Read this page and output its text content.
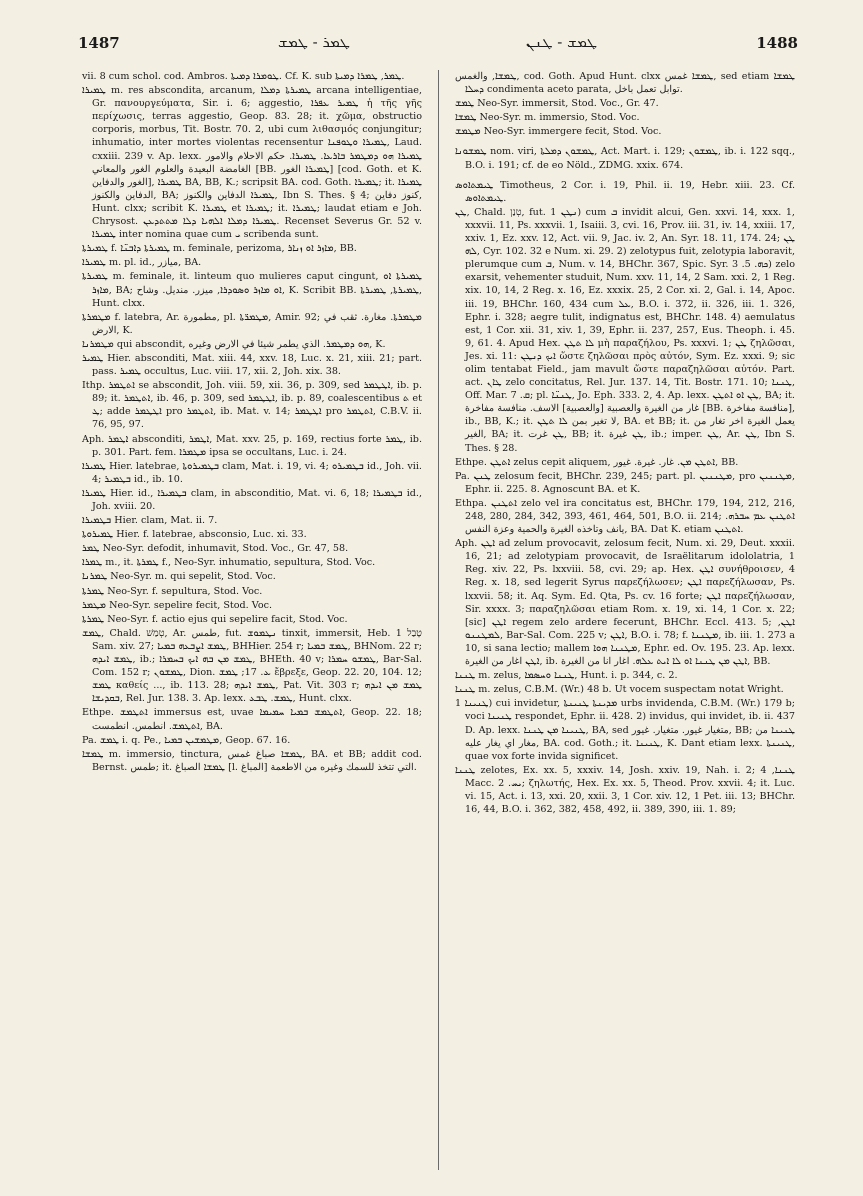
1487	ܛܡܪ - ܛܡܫ	ܛܡܫ - ܛܢܢ	1488

vii. 8 cum schol. cod. Ambros. ܛܘܡܪܐ ܕܡܝܬܐ. Cf. K. sub ܛܡܪ, ܛܡܪܐ ܕܡܝܬܐ.

ܛܡܝܪܐ m. res abscondita, arcanum, ܛܡܝܪܬܐ ܕܡܠܐ arcana intelligentiae, Gr. πανουργεύματα, Sir. i. 6; aggestio, ܛܡܝܪ ܥܦܪܐ ἡ τῆς γῆς περίχωσις, terras aggestio, Geop. 83. 28; it. χῶμα, obstructio corporis, morbus, Tit. Bostr. 70. 2, ubi cum λιθασμός conjungitur; inhumatio, inter mortes violentas recensentur ܛܡܝܪܐ ܘܛܘܦܢܐ, Laud. cxxiii. 239 v. Ap. lexx. ܛܡܝܪܐ ܗܘ ܕܡܛܡܪ ܒܐܪܥܐ. ܛܡܝܪܐ. حكم الاحلام والامور الغامضة البعيدة والعلوم الغور والمعاني [BB. ܛܡܝܪܐ الغور] [cod. Goth. et K. الغور والدفاين], ܛܡܝܪܐ BA, BB, K.; scripsit BA. cod. Goth. ܛܡܝܪܐ; it. ܛܡܝܪܐ الدفاين والكنوز, BA; ܛܡܝܪܐ الدفاين والكنوز, Ibn S. Thes. § 4; كنوز دفاين, Hunt. clxx; scribit K. ܛܡܝܪܐ et ܛܡܝܪܐ; it. ܛܡܝܪܐ; laudat etiam e Joh. Chrysost. ܛܡܝܪܐ ܕܡܠܐ ܐܠܗܝܐ ܕܠܐ ܡܬܬܕܥܢ. Recenset Severus Gr. 52 v. ܛܡܝܪܐ inter nomina quae cum ܝ scribenda sunt.

ܛܡܝܪܬܐ f. ܛܡܝܪܬܐ ܕܐܒܢ̈ܐ m. feminale, perizoma, ܡܐܙܪ ܐܘ ܙܢܐܪ, BB.

ܛܡܝܪܐ m. pl. id., ميازر, BA.

ܛܡܝܪܬܐ m. feminale, it. linteum quo mulieres caput cingunt, ܛܡܝܪܬܐ ܐܘ ܡܐܙܪ, BA; ܐܘ ܡܐܙܪ ܘܣܘܕܪܐ, ميزر. منديل. وشاح, K. Scribit BB. ܛܡܝܪܬܐ, ܛܡܝܪܬܐ, Hunt. clxx.

ܡܛܡܪܬܐ f. latebra, Ar. مطمورة, pl. ܡܛܡܪ̈ܬܐ, Amir. 92; ܡܛܡܪܬܐ. مغارة. ثقب في الارض, K.

ܡܛܡܪܢܐ qui abscondit, ܗܘ ܕܡܛܡܪ. الذي يطمر شيئا في الارض وغيره, K.

ܛܡܝܪ Hier. absconditi, Mat. xiii. 44, xxv. 18, Luc. x. 21, xiii. 21; part. pass. ܛܡܝܪ occultus, Luc. viii. 17, xii. 2, Joh. xix. 38.

Ithp. ܐܬܛܡܪ se abscondit, Joh. viii. 59, xii. 36, p. 309, sed ܐܛܛܡܪ, ib. p. 89; it. ܐܬܛܡܪ, ib. 46, p. 309, sed ܐܛܛܡܪ, ib. p. 89, coalescentibus ܬ et ܛ; adde ܐܛܛܡܪ pro ܐܬܛܡܪ, ib. Mat. v. 14; ܐܛܛܡܪ pro ܐܬܛܡܪ, C.B.V. ii. 76, 95, 97.

Aph. ܐܛܡܪ absconditi, ܐܛܡܪ, Mat. xxv. 25, p. 169, rectius forte ܛܡܪ, ib. p. 301. Part. fem. ܡܛܡܪܐ ipsa se occultans, Luc. i. 24.

ܛܡܝܪܐ Hier. latebrae, ܒܛܡܝܪܘܬܐ clam, Mat. i. 19, vi. 4; ܒܛܡܝܪܘ id., Joh. vii. 4; ܒܛܡܝܪ id., ib. 10.

ܛܡܝܪܐ Hier. id., ܒܛܡܝܪܐ clam, in absconditio, Mat. vi. 6, 18; ܒܛܡܝܪܐ id., Joh. xviii. 20.

ܒܛܡܝܪܐ Hier. clam, Mat. ii. 7.

ܛܡܝܪܘܬܐ Hier. f. latebrae, absconsio, Luc. xi. 33.

ܛܡܪ Neo-Syr. defodit, inhumavit, Stod. Voc., Gr. 47, 58.

ܛܡܪܐ m., it. ܛܡܪܬܐ f., Neo-Syr. inhumatio, sepultura, Stod. Voc.

ܛܡܪܢܐ Neo-Syr. m. qui sepelit, Stod. Voc.

ܛܡܪܬܐ Neo-Syr. f. sepultura, Stod. Voc.

ܡܛܡܪ Neo-Syr. sepelire fecit, Stod. Voc.

ܛܡܪܬܐ Neo-Syr. f. actio ejus qui sepelire facit, Stod. Voc.

ܛܡܫ, Chald. טְמַשׁ, Ar. طمس, fut. ܢܛܡܘܫ tinxit, immersit, Heb. טָבַל 1 Sam. xiv. 27; ܛܡܫ ܐܨܒܥܗ ܒܡܝܐ, BHHier. 254 r; ܛܡܫ ܒܡܝܐ, BHNom. 22 r; ܛܡܫ ܐܝܕܗ, ib.; ܛܡܫ ܡܢ ܒܗ ܐܝܟ ܒܚܡܪܐ, BHEth. 40 v; ܛܡܫܘ ܚܡܪܐ, Bar-Sal. Com. 152 r; ܛܡܫܘܢ, Dion. ܥ. 17; ܛܡܫ ἔβρεξε, Geop. 22. 20, 104. 12; ܛܡܫ καθείς ..., ib. 113. 28; ܛܡܫ ܐܝܕܗ, Pat. Vit. 303 r; ܛܡܫ ܡܢ ܐܝܕܗ ܒܩܕܝܫܐ, Rel. Jur. 138. 3. Ap. lexx. ܛܡܫ. ܛܒܥ, Hunt. clxx.

Ethpe. ܐܬܛܡܫ immersus est, uvae ܐܬܛܡܫ ܒܡܝܐ ܚܡܝܡܐ, Geop. 22. 18; ܐܬܛܡܫ. انطمس. انطمست, BA.

Pa. ܛܡܫ i. q. Pe., ܡܛܡܫܝܢ ܒܡܝܐ, Geop. 67. 16.

ܛܡܫܐ m. immersio, tinctura, ܛܡܫܐ صباغ غمس, BA. et BB; addit cod. Bernst. طمس; it. ܛܡܫܐ الصباغ [l. المباغ] التي تتخذ للسمك وغيره من الاطعمة.

ܛܡܫܐ, والغمس, cod. Goth. Apud Hunt. clxx ܛܡܫܐ غمس, sed etiam ܛܡܫܐ ܕܚܠܐ condimenta aceto parata, توابل تعمل باخل.

ܛܡܫ Neo-Syr. immersit, Stod. Voc., Gr. 47.

ܛܡܫܐ Neo-Syr. m. immersio, Stod. Voc.

ܡܛܡܫ Neo-Syr. immergere fecit, Stod. Voc.

ܛܡܫܘܢܐ nom. viri, ܛܡܫܘܢ ܕܡܠܬܐ, Act. Mart. i. 129; ܛܡܫܘܢ, ib. i. 122 sqq., B.O. i. 191; cf. de eo Nöld., ZDMG. xxix. 674.

ܛܝܡܬܐܘܣ Timotheus, 2 Cor. i. 19, Phil. ii. 19, Hebr. xiii. 23. Cf. ܛܝܡܬܐܘܣ.

ܛܢ, Chald. טְנַן, fut. ܢܛܢ 1) cum ܒ invidit alcui, Gen. xxvi. 14, xxx. 1, xxxvii. 11, Ps. xxxvii. 1, Isaiii. 3, cvi. 16, Prov. iii. 31, iv. 14, xxiii. 17, xxiv. 1, Ez. xxv. 12, Act. vii. 9, Jac. iv. 2, An. Syr. 18. 11, 174. 24; ܛܢ ܠܗ, Cyr. 102. 32 e Num. xi. 29. 2) zelotypus fuit, zelotypia laboravit, plerumque cum ܒ, Num. v. 14, BHChr. 367, Spic. Syr. ܟܗ. 5. 3) zelo exarsit, vehementer studuit, Num. xxv. 11, 14, 2 Sam. xxi. 2, 1 Reg. xix. 10, 14, 2 Reg. x. 16, Ez. xxxix. 25, 2 Cor. xi. 2, Gal. i. 14, Apoc. iii. 19, BHChr. 160, 434 cum ܥܠ, B.O. i. 372, ii. 326, iii. 1. 326, Ephr. i. 328; aegre tulit, indignatus est, BHChr. 148. 4) aemulatus est, 1 Cor. xii. 31, xiv. 1, 39, Ephr. ii. 237, 257, Eus. Theoph. i. 45. 9, 61. 4. Apud Hex. ܠܐ ܬܛܢ μὴ παραζήλου, Ps. xxxvi. 1; ܛܢ ζηλῶσαι, Jes. xi. 11: ܐܝܟ ܕܢܛܢ ὥστε ζηλῶσαι πρὸς αὐτόν, Sym. Ez. xxxi. 9; sic olim tentabat Field., jam mavult ὥστε παραζηλῶσαι αὐτόν. Part. act. ܛܐܢ zelo concitatus, Rel. Jur. 137. 14, Tit. Bostr. 171. 10; ܛܢܢܐ, Off. Mar. ܩ. 7; pl. ܛܢܢ̈ܐ, Jo. Eph. 333. 2, 4. Ap. lexx. ܛܢ ܐܘ ܐܬܛܢ, BA; it. غار من الغيرة والعصبية [والعصبية] الاسف. منافسة مفاخرة [BB. منافسة مفاخرة], ib., BB, K.; it. لا تغير بمن ܠܐ ܬܛܢ, BA. et BB; it. يعمل الغيرة اخر تغار من الغير, BA; it. ܛܢ غرت, BB; it. ܛܢ غيرة, ib.; imper. ܛܢ, Ar. ܛܢ, Ibn S. Thes. § 28.

Ethpe. ܐܬܛܢ zelus cepit aliquem, ܐܬܛܢ ܡܢ. غار. غيرة. غيور, BB.

Pa. ܛܢܢ zelosum fecit, BHChr. 239, 245; part. pl. ܡܛܢܢܝܢ, pro ܡܛܢܢܝܢ, Ephr. ii. 225. 8. Agnoscunt BA. et K.

Ethpa. ܐܬܛܢܢ zelo vel ira concitatus est, BHChr. 179, 194, 212, 216, 248, 280, 284, 342, 393, 461, 464, 501, B.O. ii. 214; ܐܬܛܢܢ ܥܡ ܚܒܪܗ. يانف وتاخذه الغيرة والحمية وعزة النفس, BA. Dat K. etiam ܐܬܛܢܢ.

Aph. ܐܛܢ ad zelum provocavit, zelosum fecit, Num. xi. 29, Deut. xxxii. 16, 21; ad zelotypiam provocavit, de Israëlitarum idololatria, 1 Reg. xiv. 22, Ps. lxxviii. 58, cvi. 29; ap. Hex. ܐܛܢ συνήθροισεν, 4 Reg. x. 18, sed legerit Syrus παρεζήλωσεν; ܐܛܢ παρεζήλωσαν, Ps. lxxvii. 58; it. Aq. Sym. Ed. Qta, Ps. cv. 16 forte; ܐܛܢ παρεζήλωσαν, Sir. xxxx. 3; παραζηλῶσαι etiam Rom. x. 19, xi. 14, 1 Cor. x. 22; [sic] ܐܛܢ regem zelo ardere fecerunt, BHChr. Eccl. 413. 5; ܐܛܢ, ܠܡܛܢܢܘ, Bar-Sal. Com. 225 v; ܐܛܢ, B.O. i. 78; f. ܡܛܢܢܐ, ib. iii. 1. 273 a 10, si sana lectio; mallem ܡܛܢܢܐ ܗܘܐ, Ephr. ed. Ov. 195. 23. Ap. lexx. ܐܛܢ اغار من الغيرة, ib. ܐܛܢ ܡܢ ܛܢܢܐ ܐܘ ܠܐ ܐܝܬ ܥܠܗ. اغار انا من الغيرة, BB.

ܛܢܢܐ m. zelus, ܛܢܢܐ ܘܚܣܡܐ, Hunt. i. p. 344, c. 2.

ܛܢܢܐ m. zelus, C.B.M. (Wr.) 48 b. Ut vocem suspectam notat Wright.

ܛܢܝܢܐ 1) cui invidetur, ܡܕܝܢܬܐ ܛܢܝܢܬܐ urbs invidenda, C.B.M. (Wr.) 179 b; voci ܛܢܝܢܐ respondet, Ephr. ii. 428. 2) invidus, qui invidet, ib. ii. 437 D. Ap. lexx. ܛܢܝܢܐ ܡܢ ܛܢܢܐ, BA, sed متغيار غيور. متغيار. غيور, BB; ܛܢܝܢܐ من مغار اي يغار عليه, BA. cod. Goth.; it. ܛܢܝܢܐ, K. Dant etiam lexx. ܛܢܝܢܬܐ, quae vox forte invida significet.

ܛܢܢܐ zelotes, Ex. xx. 5, xxxiv. 14, Josh. xxiv. 19, Nah. i. 2; ܛܢܢܐ, 4 Macc. ܝܚ. 2; ζηλωτής, Hex. Ex. xx. 5, Theod. Prov. xxvii. 4; it. Luc. vi. 15, Act. i. 13, xxi. 20, xxii. 3, 1 Cor. xiv. 12, 1 Pet. iii. 13; BHChr. 16, 44, B.O. i. 362, 382, 458, 492, ii. 389, 390, iii. 1. 89;
